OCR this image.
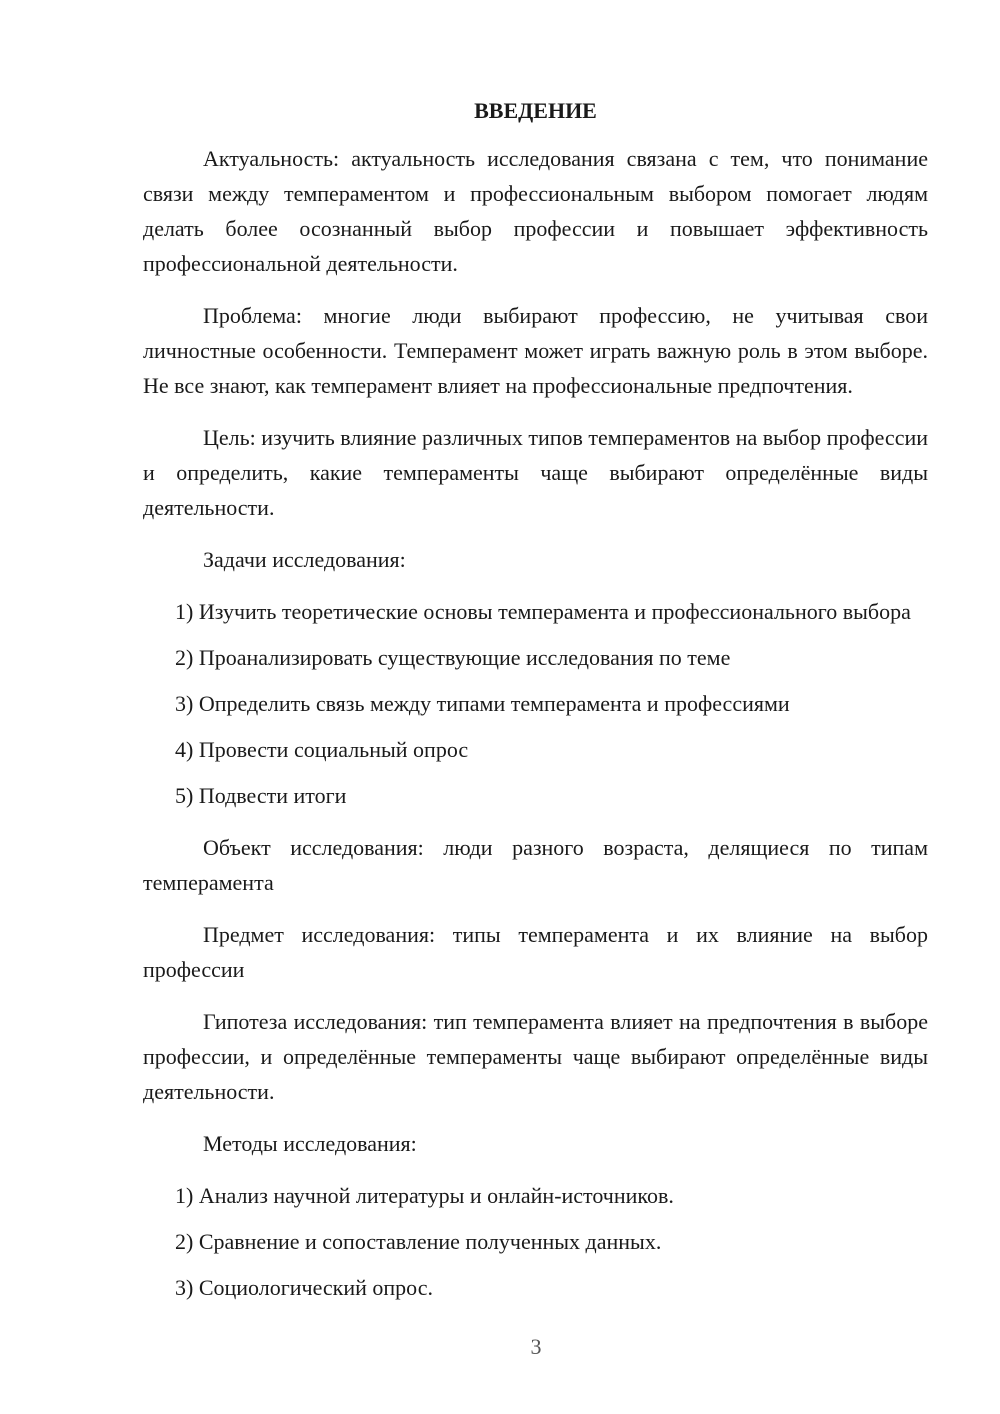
ВВЕДЕНИЕ

Актуальность: актуальность исследования связана с тем, что понимание связи между темпераментом и профессиональным выбором помогает людям делать более осознанный выбор профессии и повышает эффективность профессиональной деятельности.

Проблема: многие люди выбирают профессию, не учитывая свои личностные особенности. Темперамент может играть важную роль в этом выборе. Не все знают, как темперамент влияет на профессиональные предпочтения.

Цель: изучить влияние различных типов темпераментов на выбор профессии и определить, какие темпераменты чаще выбирают определённые виды деятельности.

Задачи исследования:

1) Изучить теоретические основы темперамента и профессионального выбора

2) Проанализировать существующие исследования по теме

3) Определить связь между типами темперамента и профессиями

4) Провести социальный опрос

5) Подвести итоги

Объект исследования: люди разного возраста, делящиеся по типам темперамента

Предмет исследования: типы темперамента и их влияние на выбор профессии

Гипотеза исследования: тип темперамента влияет на предпочтения в выборе профессии, и определённые темпераменты чаще выбирают определённые виды деятельности.

Методы исследования:

1) Анализ научной литературы и онлайн-источников.

2) Сравнение и сопоставление полученных данных.

3) Социологический опрос.

3
